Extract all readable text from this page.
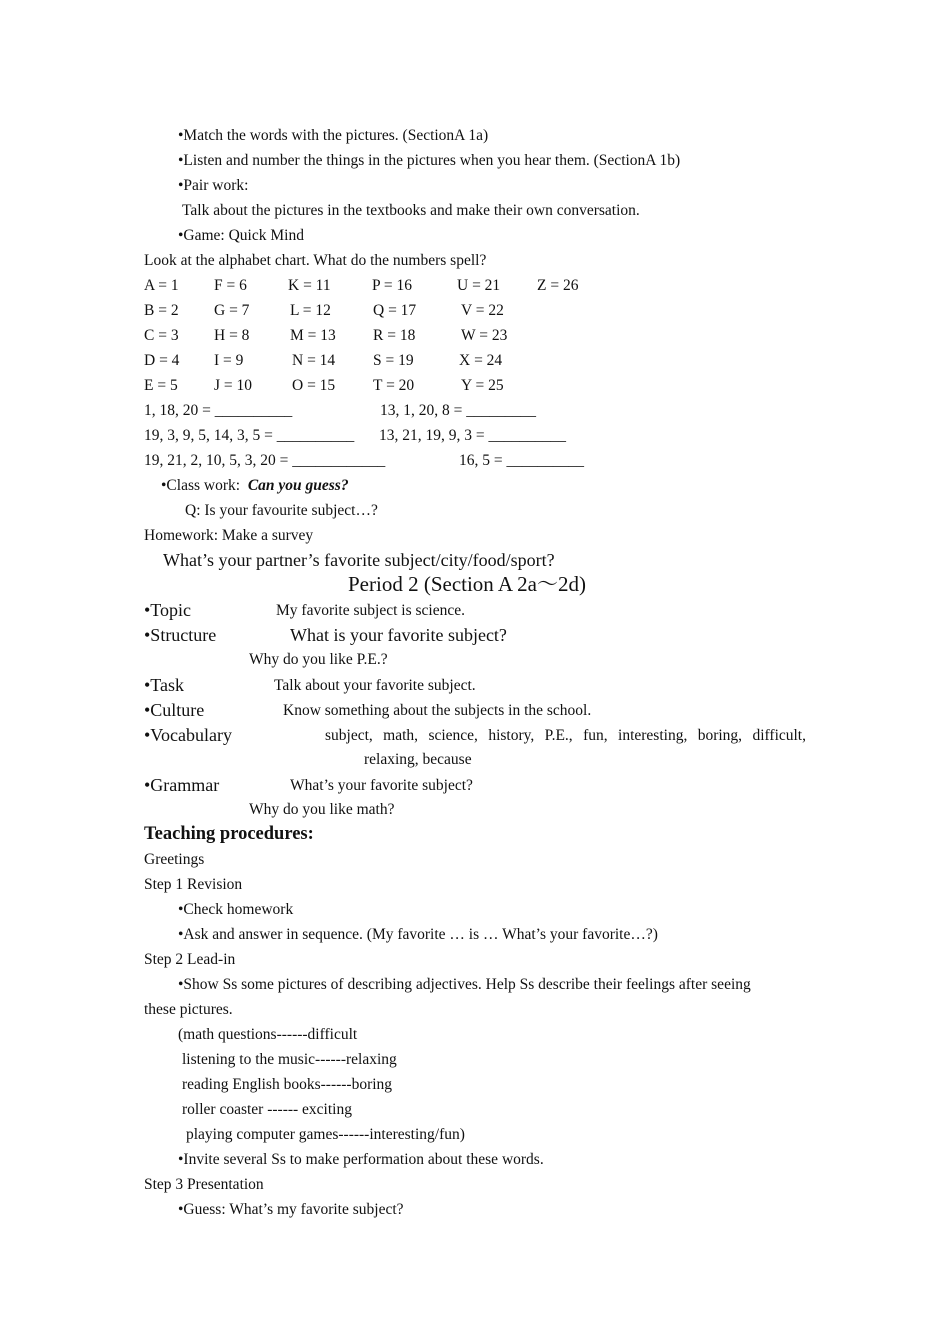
•Match the words with the pictures. (SectionA 1a)
•Listen and number the things in the pictures when you hear them. (SectionA 1b)
•Pair work:
Talk about the pictures in the textbooks and make their own conversation.
•Game: Quick Mind
Look at the alphabet chart. What do the numbers spell?
A = 1 F = 6	K = 11	P = 16	U = 21 Z = 26
B = 2 G = 7	L = 12	Q = 17	V = 22
C = 3 H = 8	M = 13 R = 18	W = 23
D = 4 I = 9	N = 14 S = 19	X = 24
E = 5 J = 10	O = 15 T = 20	Y = 25
1, 18, 20 = __________	13, 1, 20, 8 = _________
19, 3, 9, 5, 14, 3, 5 = __________ 13, 21, 19, 9, 3 = __________
19, 21, 2, 10, 5, 3, 20 = ____________	16, 5 = __________
•Class work: Can you guess?
Q: Is your favourite subject…?
Homework: Make a survey
What’s your partner’s favorite subject/city/food/sport?
Period 2 (Section A 2a～2d)
•Topic	My favorite subject is science.
•Structure	What is your favorite subject?
Why do you like P.E.?
•Task	Talk about your favorite subject.
•Culture	Know something about the subjects in the school.
•Vocabulary	subject, math, science, history, P.E., fun, interesting, boring, difficult,
relaxing, because
•Grammar	What’s your favorite subject?
Why do you like math?
Teaching procedures:
Greetings
Step 1 Revision
•Check homework
•Ask and answer in sequence. (My favorite … is … What’s your favorite…?)
Step 2 Lead-in
•Show Ss some pictures of describing adjectives. Help Ss describe their feelings after seeing
these pictures.
(math questions------difficult
listening to the music------relaxing
reading English books------boring
roller coaster ------ exciting
playing computer games------interesting/fun)
•Invite several Ss to make performation about these words.
Step 3 Presentation
•Guess: What’s my favorite subject?
